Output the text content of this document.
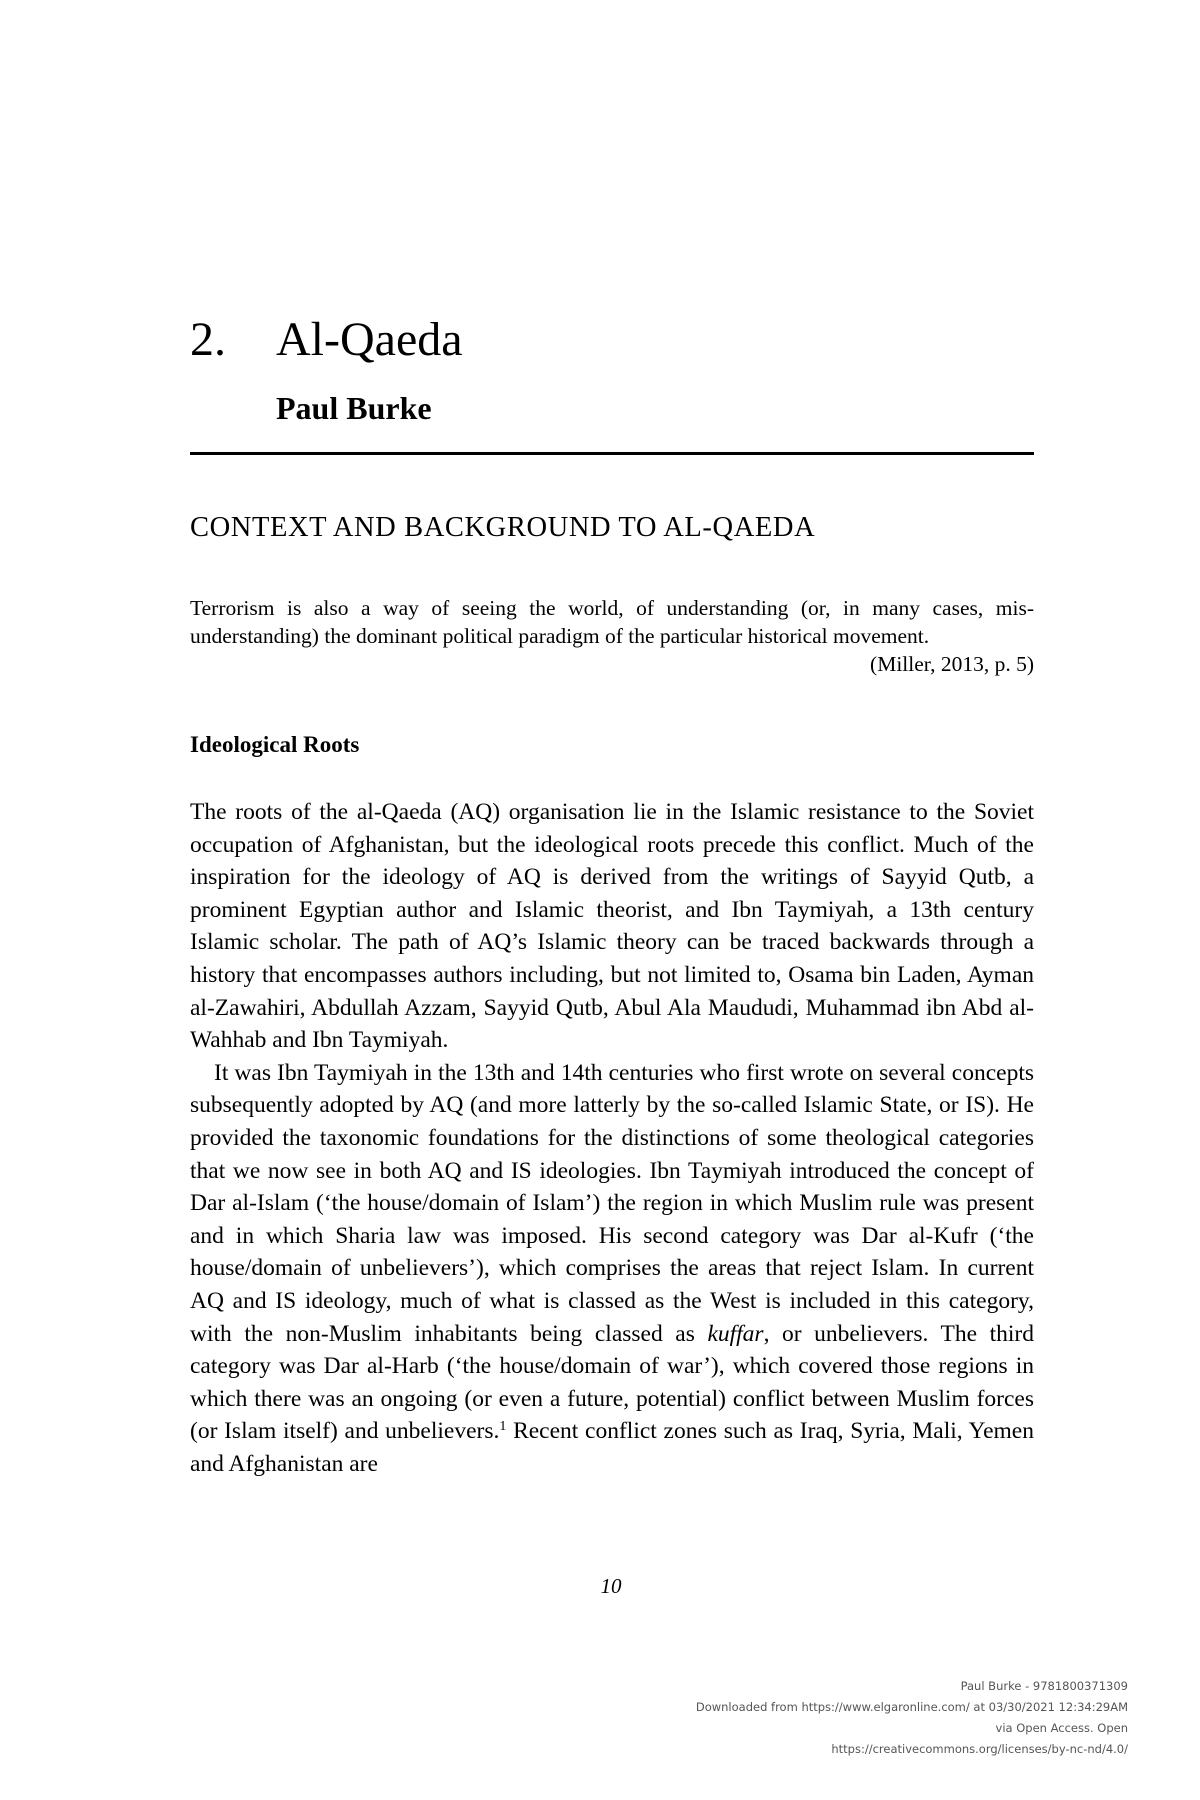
2. Al-Qaeda
Paul Burke
CONTEXT AND BACKGROUND TO AL-QAEDA
Terrorism is also a way of seeing the world, of understanding (or, in many cases, mis-understanding) the dominant political paradigm of the particular historical movement.
(Miller, 2013, p. 5)
Ideological Roots

The roots of the al-Qaeda (AQ) organisation lie in the Islamic resistance to the Soviet occupation of Afghanistan, but the ideological roots precede this conflict. Much of the inspiration for the ideology of AQ is derived from the writings of Sayyid Qutb, a prominent Egyptian author and Islamic theorist, and Ibn Taymiyah, a 13th century Islamic scholar. The path of AQ’s Islamic theory can be traced backwards through a history that encompasses authors including, but not limited to, Osama bin Laden, Ayman al-Zawahiri, Abdullah Azzam, Sayyid Qutb, Abul Ala Maududi, Muhammad ibn Abd al-Wahhab and Ibn Taymiyah.

It was Ibn Taymiyah in the 13th and 14th centuries who first wrote on several concepts subsequently adopted by AQ (and more latterly by the so-called Islamic State, or IS). He provided the taxonomic foundations for the distinctions of some theological categories that we now see in both AQ and IS ideologies. Ibn Taymiyah introduced the concept of Dar al-Islam (‘the house/domain of Islam’) the region in which Muslim rule was present and in which Sharia law was imposed. His second category was Dar al-Kufr (‘the house/domain of unbelievers’), which comprises the areas that reject Islam. In current AQ and IS ideology, much of what is classed as the West is included in this category, with the non-Muslim inhabitants being classed as kuffar, or unbelievers. The third category was Dar al-Harb (‘the house/domain of war’), which covered those regions in which there was an ongoing (or even a future, potential) conflict between Muslim forces (or Islam itself) and unbelievers.$^1$ Recent conflict zones such as Iraq, Syria, Mali, Yemen and Afghanistan are

10
Paul Burke - 9781800371309
Downloaded from https://www.elgaronline.com/ at 03/30/2021 12:34:29AM
via Open Access. Open
https://creativecommons.org/licenses/by-nc-nd/4.0/
